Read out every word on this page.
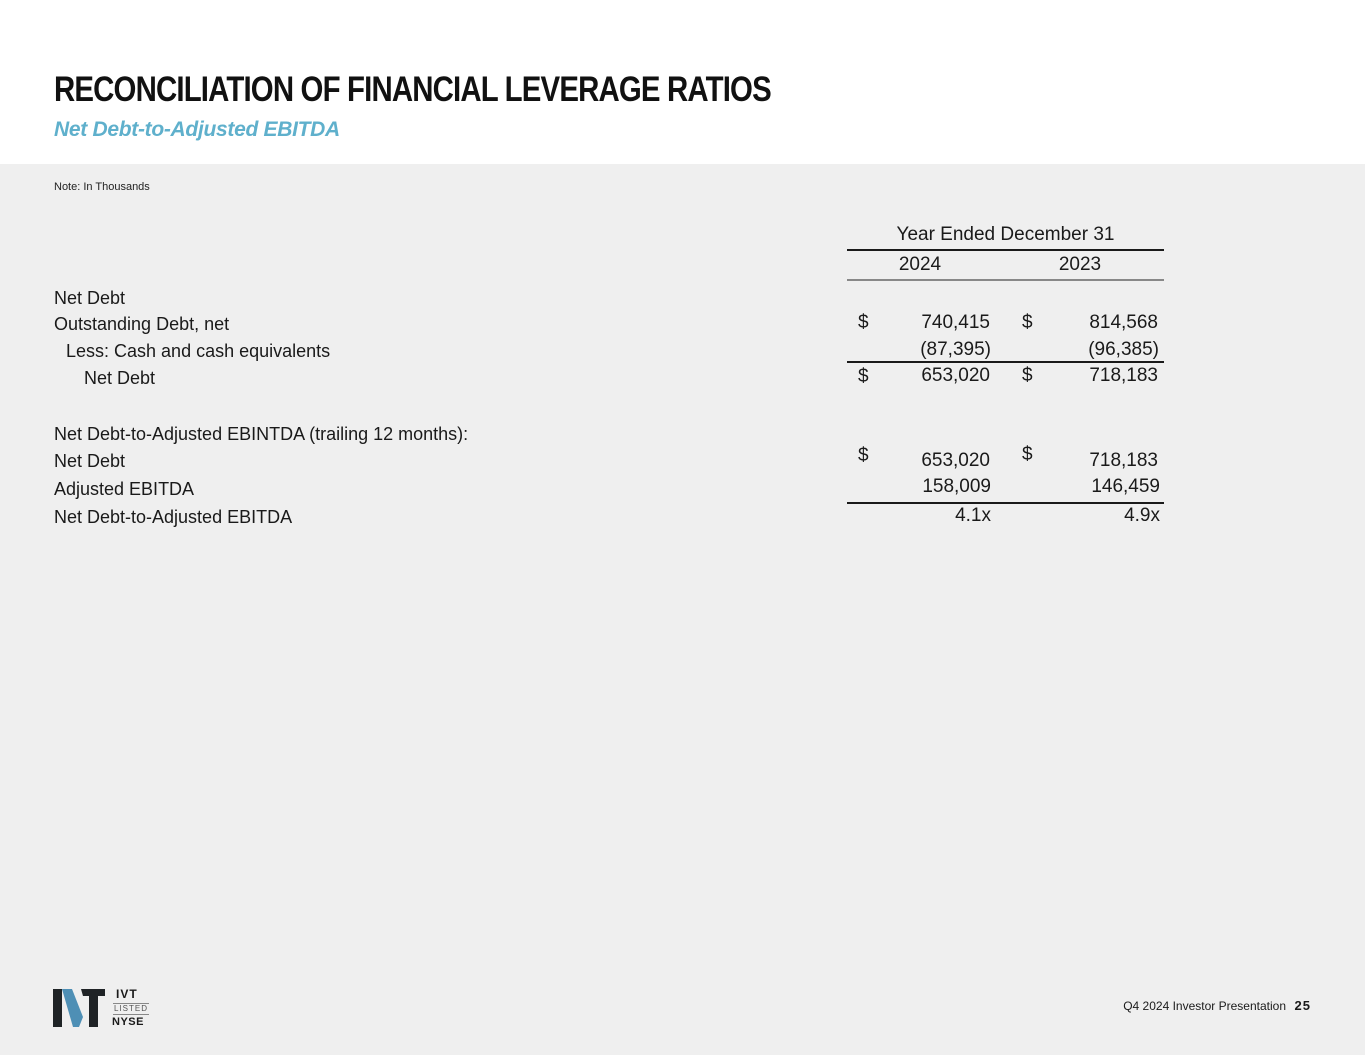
RECONCILIATION OF FINANCIAL LEVERAGE RATIOS
Net Debt-to-Adjusted EBITDA
Note: In Thousands
Year Ended December 31
2024	2023
Net Debt
Outstanding Debt, net	$	740,415 $	814,568
Less: Cash and cash equivalents	(87,395)	(96,385)
Net Debt	$	653,020 $	718,183
Net Debt-to-Adjusted EBINTDA (trailing 12 months):
Net Debt	$	653,020 $	718,183
Adjusted EBITDA	158,009	146,459
Net Debt-to-Adjusted EBITDA	4.1x	4.9x
IVT
LISTED
NYSE
Q4 2024 Investor Presentation 25
